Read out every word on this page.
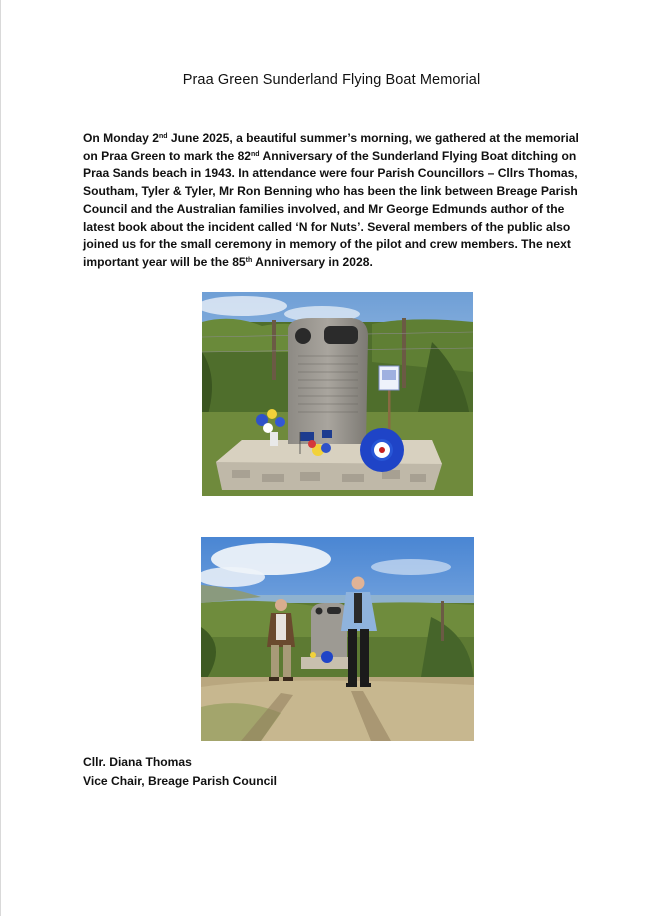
Praa Green Sunderland Flying Boat Memorial

On Monday 2nd June 2025, a beautiful summer’s morning, we gathered at the memorial on Praa Green to mark the 82nd Anniversary of the Sunderland Flying Boat ditching on Praa Sands beach in 1943. In attendance were four Parish Councillors – Cllrs Thomas, Southam, Tyler & Tyler, Mr Ron Benning who has been the link between Breage Parish Council and the Australian families involved, and Mr George Edmunds author of the latest book about the incident called ‘N for Nuts’. Several members of the public also joined us for the small ceremony in memory of the pilot and crew members. The next important year will be the 85th Anniversary in 2028.

Cllr. Diana Thomas
Vice Chair, Breage Parish Council
